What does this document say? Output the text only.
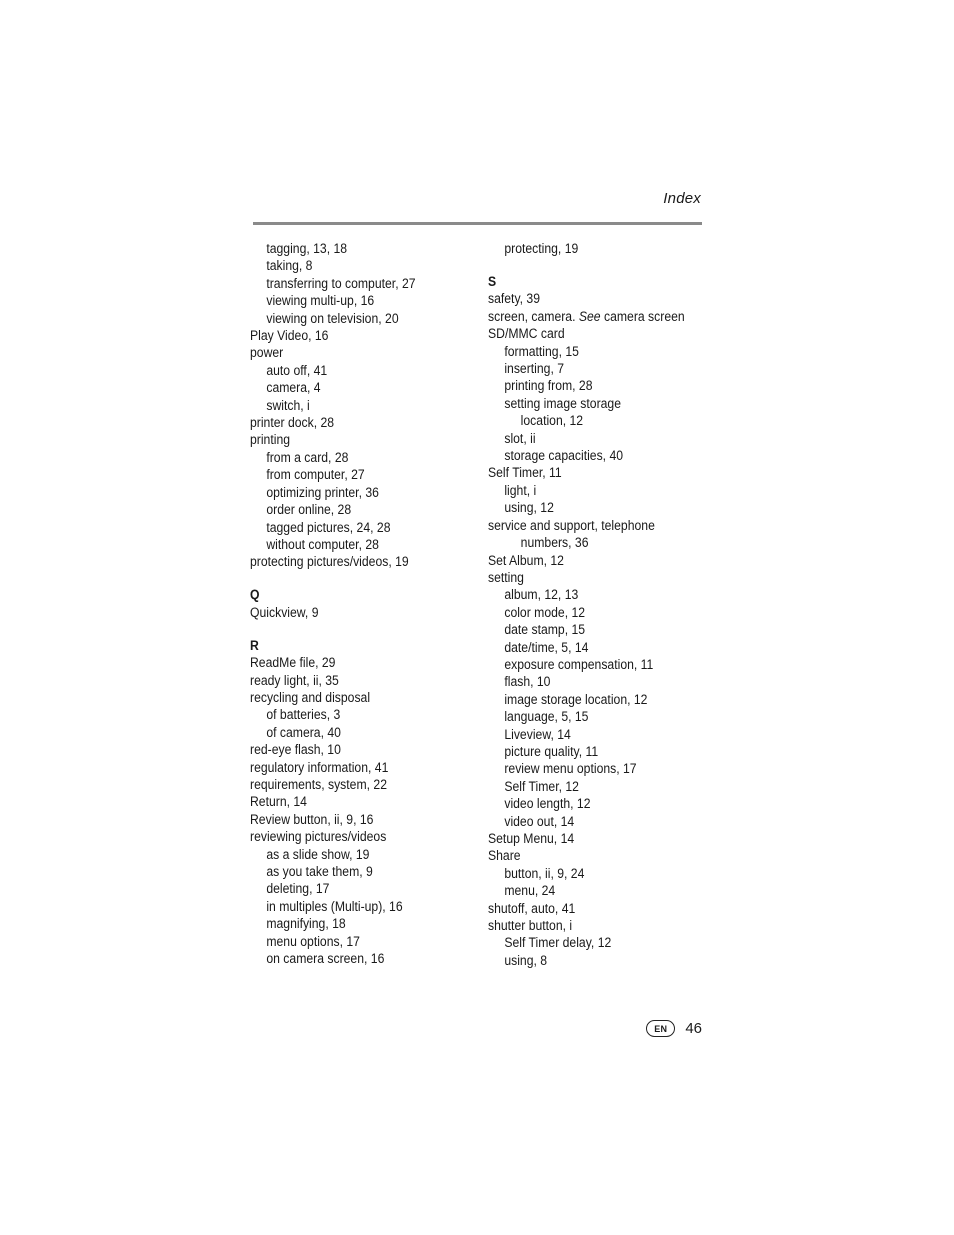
Index
tagging, 13, 18
taking, 8
transferring to computer, 27
viewing multi-up, 16
viewing on television, 20
Play Video, 16
power
auto off, 41
camera, 4
switch, i
printer dock, 28
printing
from a card, 28
from computer, 27
optimizing printer, 36
order online, 28
tagged pictures, 24, 28
without computer, 28
protecting pictures/videos, 19
Q
Quickview, 9
R
ReadMe file, 29
ready light, ii, 35
recycling and disposal
of batteries, 3
of camera, 40
red-eye flash, 10
regulatory information, 41
requirements, system, 22
Return, 14
Review button, ii, 9, 16
reviewing pictures/videos
as a slide show, 19
as you take them, 9
deleting, 17
in multiples (Multi-up), 16
magnifying, 18
menu options, 17
on camera screen, 16
protecting, 19
S
safety, 39
screen, camera. See camera screen
SD/MMC card
formatting, 15
inserting, 7
printing from, 28
setting image storage
location, 12
slot, ii
storage capacities, 40
Self Timer, 11
light, i
using, 12
service and support, telephone
numbers, 36
Set Album, 12
setting
album, 12, 13
color mode, 12
date stamp, 15
date/time, 5, 14
exposure compensation, 11
flash, 10
image storage location, 12
language, 5, 15
Liveview, 14
picture quality, 11
review menu options, 17
Self Timer, 12
video length, 12
video out, 14
Setup Menu, 14
Share
button, ii, 9, 24
menu, 24
shutoff, auto, 41
shutter button, i
Self Timer delay, 12
using, 8
EN	46
